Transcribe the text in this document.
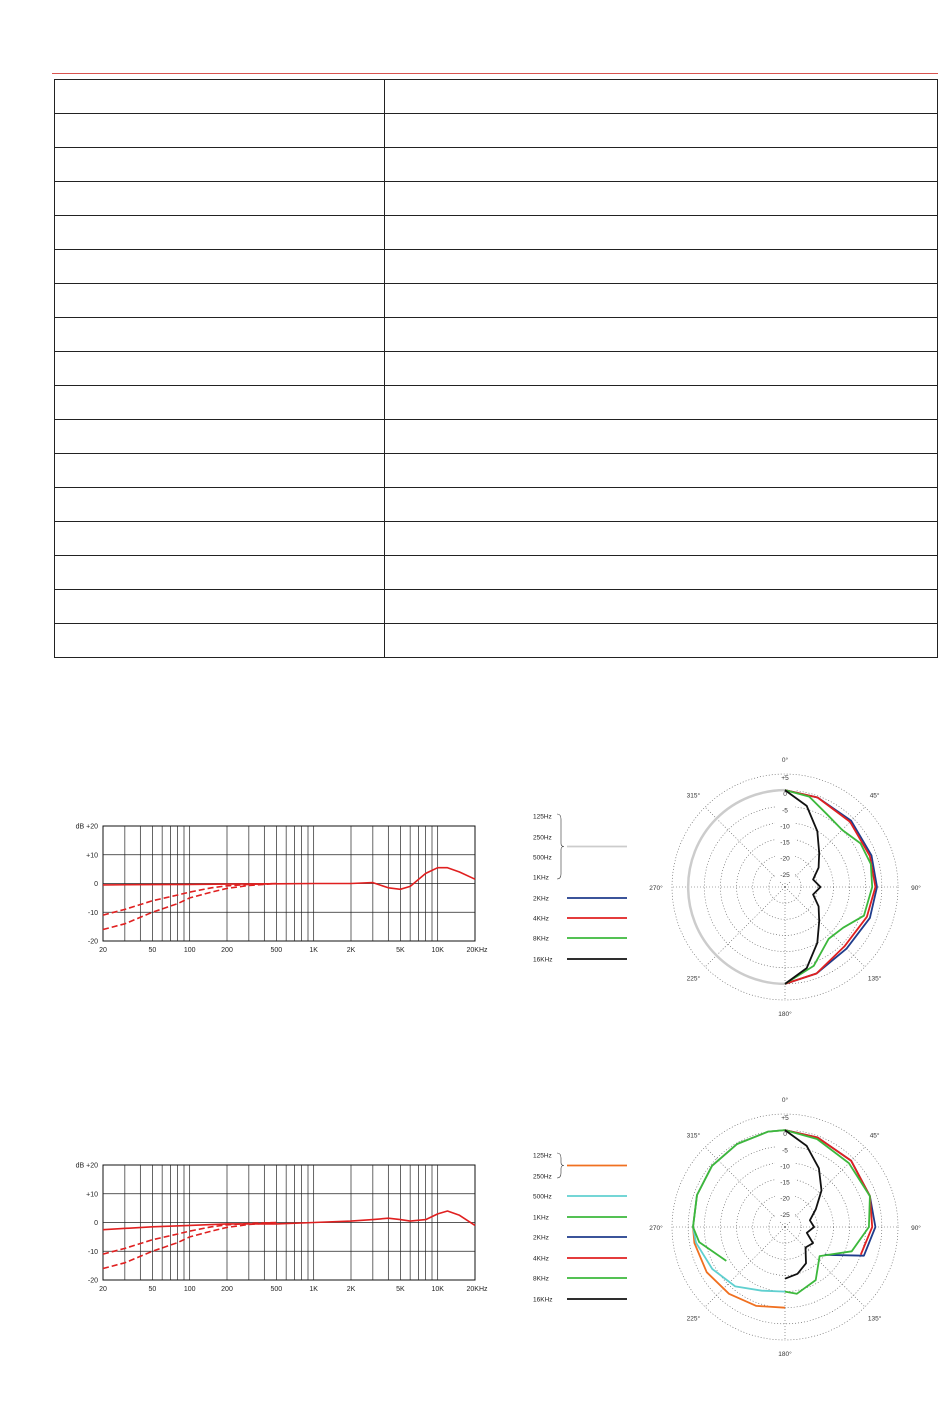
20	50	100	200	500	1K	2K	5K	10K	20KHz
dB +20
+10
0
-10
-20
20	50	100	200	500	1K	2K	5K	10K	20KHz
dB +20
+10
0
-10
-20
+5
0
-5
-10
-15
-20
-25
0°
45°
90°
135°
180°
225°
270°
315°
+5
0
-5
-10
-15
-20
-25
0°
45°
90°
135°
180°
225°
270°
315°
125Hz
250Hz
500Hz
1KHz
2KHz
4KHz
8KHz
16KHz
125Hz
250Hz
500Hz
1KHz
2KHz
4KHz
8KHz
16KHz
